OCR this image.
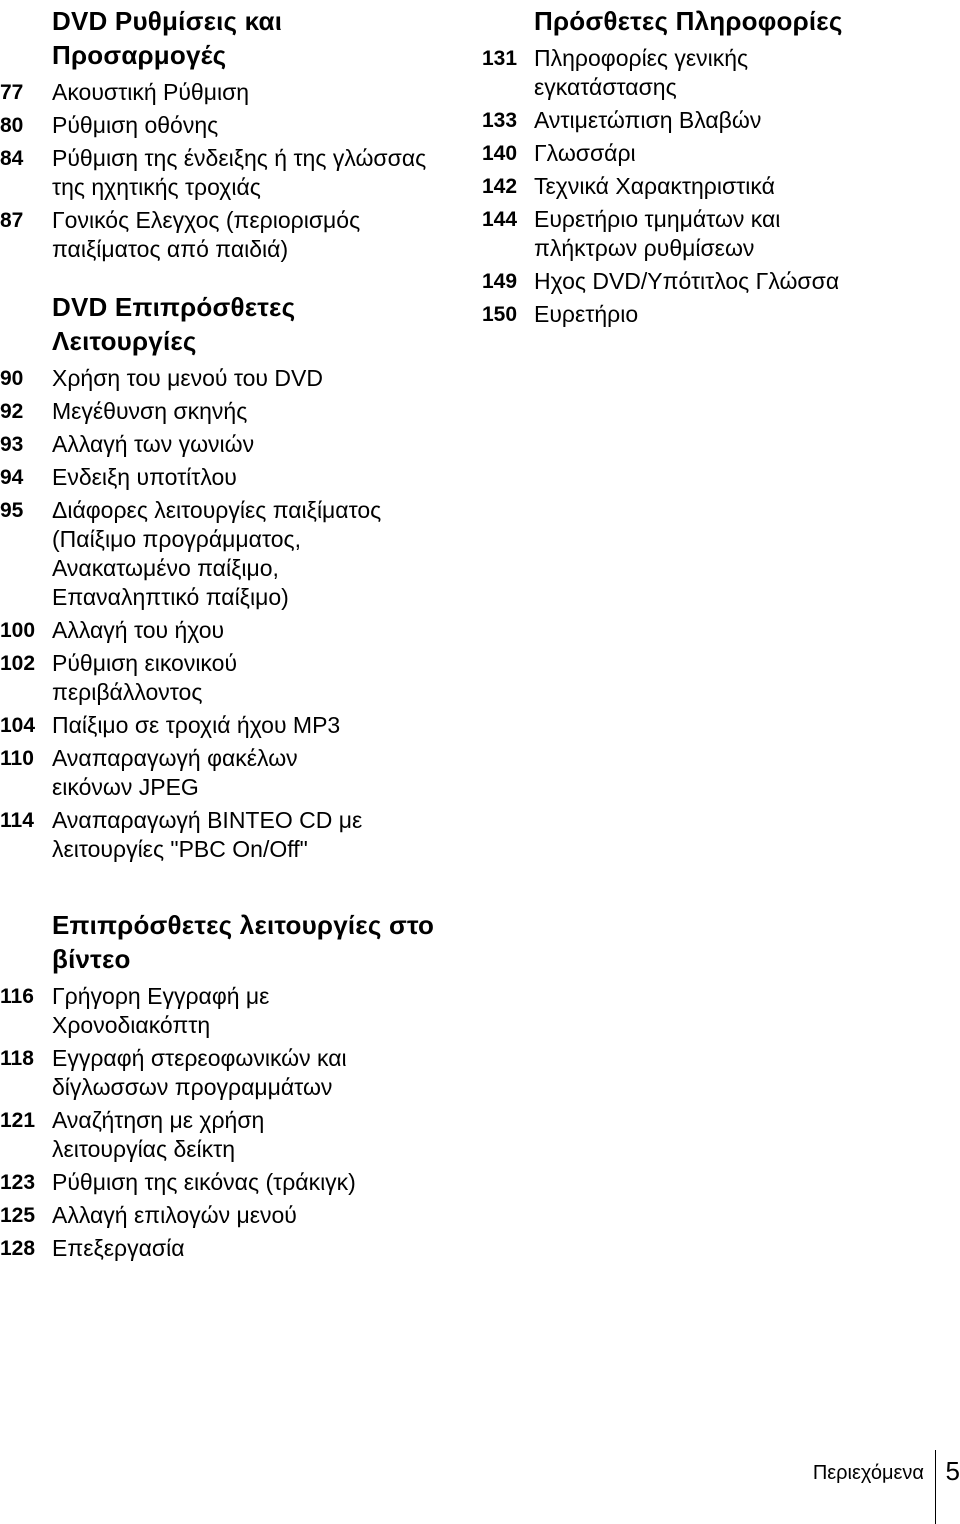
DVD Ρυθμίσεις και Προσαρμογές
77	Ακουστική Ρύθμιση
80	Ρύθμιση οθόνης
84	Ρύθμιση της ένδειξης ή της γλώσσας της ηχητικής τροχιάς
87	Γονικός Ελεγχος (περιορισμός παιξίματος από παιδιά)
DVD Επιπρόσθετες Λειτουργίες
90	Χρήση του μενού του DVD
92	Μεγέθυνση σκηνής
93	Αλλαγή των γωνιών
94	Ενδειξη υποτίτλου
95	Διάφορες λειτουργίες παιξίματος (Παίξιμο προγράμματος, Ανακατωμένο παίξιμο, Επαναληπτικό παίξιμο)
100 Αλλαγή του ήχου
102 Ρύθμιση εικονικού περιβάλλοντος
104 Παίξιμο σε τροχιά ήχου MP3
110 Αναπαραγωγή φακέλων εικόνων JPEG
114 Αναπαραγωγή ΒΙΝΤΕΟ CD με λειτουργίες "PBC On/Off"
Επιπρόσθετες λειτουργίες στο βίντεο
116 Γρήγορη Εγγραφή με Χρονοδιακόπτη
118 Εγγραφή στερεοφωνικών και δίγλωσσων προγραμμάτων
121 Αναζήτηση με χρήση λειτουργίας δείκτη
123 Ρύθμιση της εικόνας (τράκιγκ)
125 Αλλαγή επιλογών μενού
128 Επεξεργασία
Πρόσθετες Πληροφορίες
131 Πληροφορίες γενικής εγκατάστασης
133 Αντιμετώπιση Βλαβών
140 Γλωσσάρι
142 Τεχνικά Χαρακτηριστικά
144 Ευρετήριο τμημάτων και πλήκτρων ρυθμίσεων
149 Ηχος DVD/Υπότιτλος Γλώσσα
150 Ευρετήριο
Περιεχόμενα 5
